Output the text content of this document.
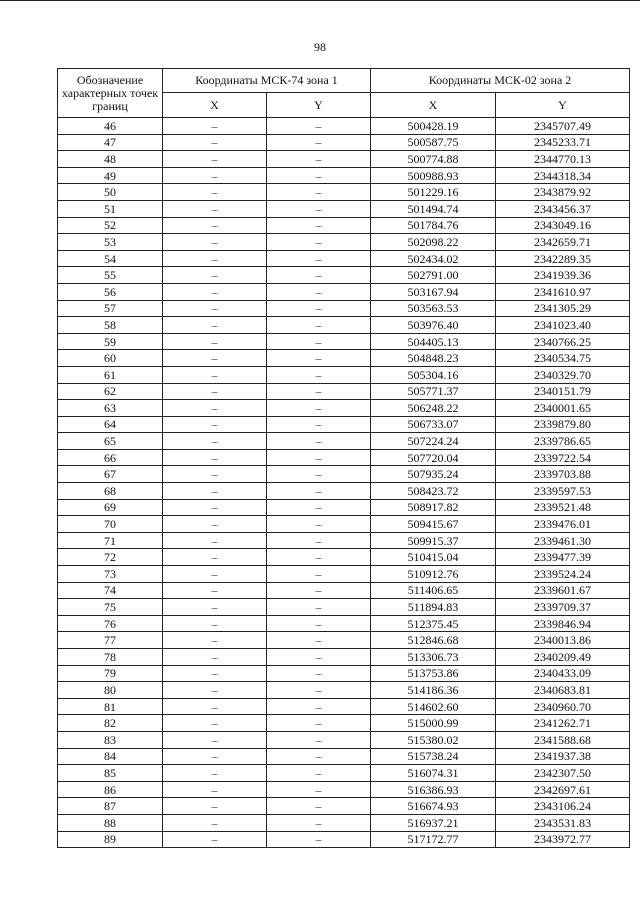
98
Обозначение характерных точек границ	Координаты МСК-74 зона 1		Координаты МСК-02 зона 2	
	X	Y	X	Y
46	–	–	500428.19	2345707.49
47	–	–	500587.75	2345233.71
48	–	–	500774.88	2344770.13
49	–	–	500988.93	2344318.34
50	–	–	501229.16	2343879.92
51	–	–	501494.74	2343456.37
52	–	–	501784.76	2343049.16
53	–	–	502098.22	2342659.71
54	–	–	502434.02	2342289.35
55	–	–	502791.00	2341939.36
56	–	–	503167.94	2341610.97
57	–	–	503563.53	2341305.29
58	–	–	503976.40	2341023.40
59	–	–	504405.13	2340766.25
60	–	–	504848.23	2340534.75
61	–	–	505304.16	2340329.70
62	–	–	505771.37	2340151.79
63	–	–	506248.22	2340001.65
64	–	–	506733.07	2339879.80
65	–	–	507224.24	2339786.65
66	–	–	507720.04	2339722.54
67	–	–	507935.24	2339703.88
68	–	–	508423.72	2339597.53
69	–	–	508917.82	2339521.48
70	–	–	509415.67	2339476.01
71	–	–	509915.37	2339461.30
72	–	–	510415.04	2339477.39
73	–	–	510912.76	2339524.24
74	–	–	511406.65	2339601.67
75	–	–	511894.83	2339709.37
76	–	–	512375.45	2339846.94
77	–	–	512846.68	2340013.86
78	–	–	513306.73	2340209.49
79	–	–	513753.86	2340433.09
80	–	–	514186.36	2340683.81
81	–	–	514602.60	2340960.70
82	–	–	515000.99	2341262.71
83	–	–	515380.02	2341588.68
84	–	–	515738.24	2341937.38
85	–	–	516074.31	2342307.50
86	–	–	516386.93	2342697.61
87	–	–	516674.93	2343106.24
88	–	–	516937.21	2343531.83
89	–	–	517172.77	2343972.77
